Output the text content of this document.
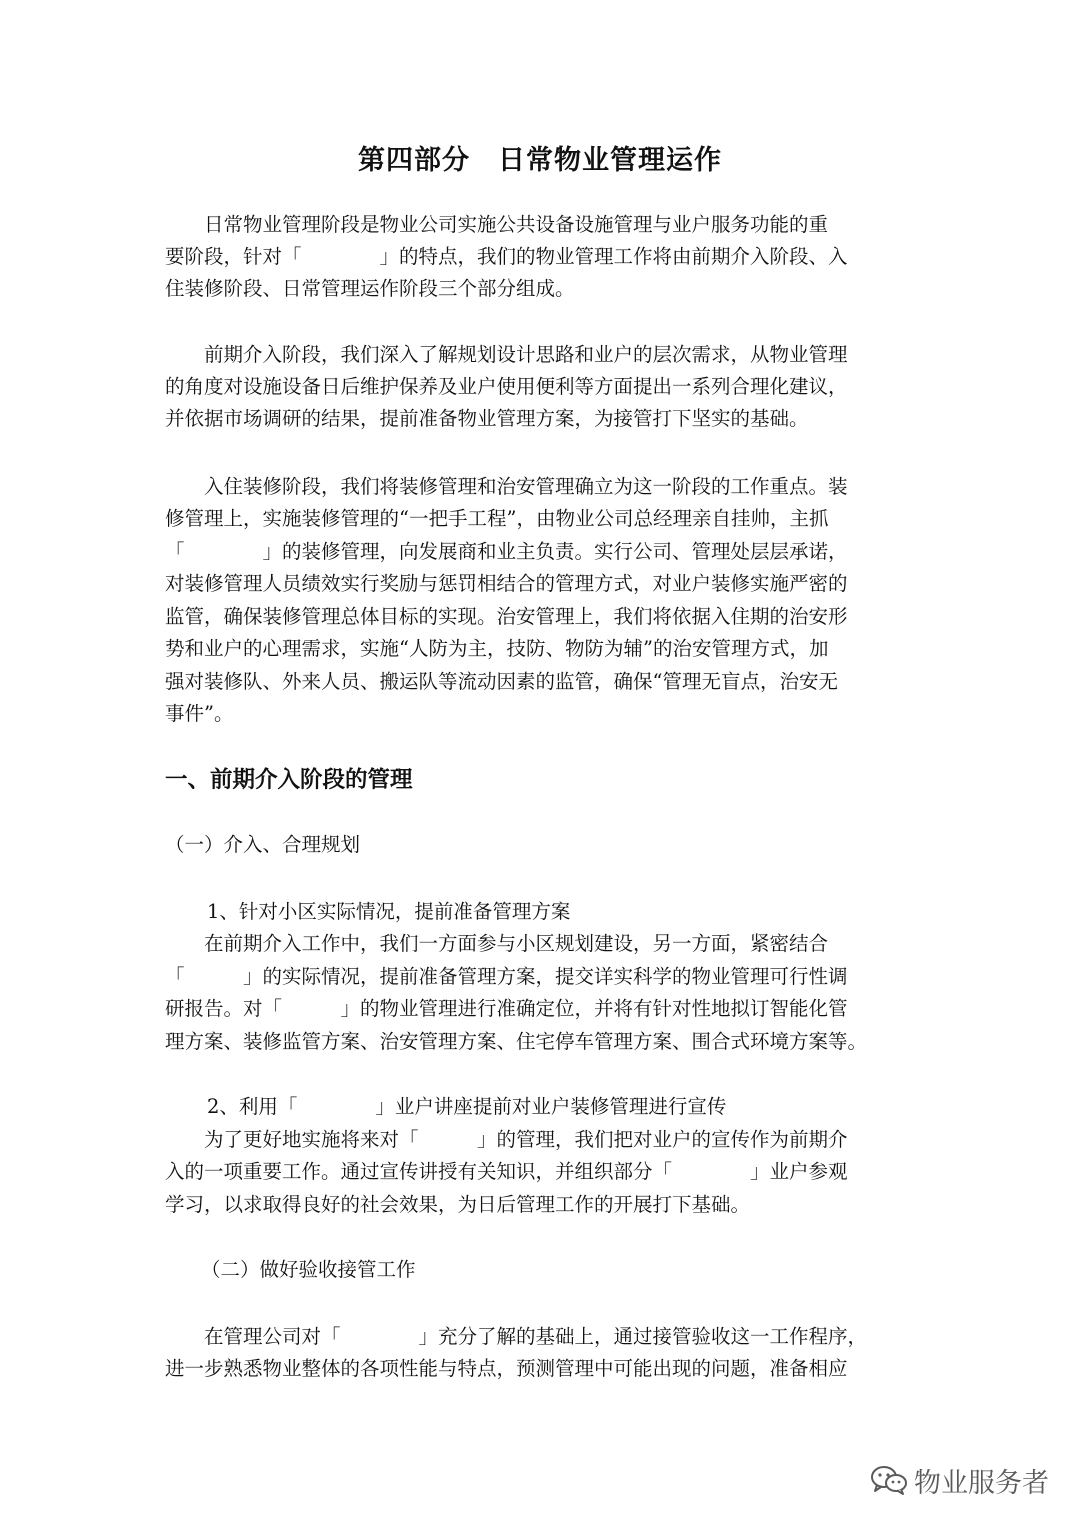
第四部分　日常物业管理运作
　　日常物业管理阶段是物业公司实施公共设备设施管理与业户服务功能的重
要阶段，针对「　　　　」的特点，我们的物业管理工作将由前期介入阶段、入
住装修阶段、日常管理运作阶段三个部分组成。
　　前期介入阶段，我们深入了解规划设计思路和业户的层次需求，从物业管理
的角度对设施设备日后维护保养及业户使用便利等方面提出一系列合理化建议，
并依据市场调研的结果，提前准备物业管理方案，为接管打下坚实的基础。
　　入住装修阶段，我们将装修管理和治安管理确立为这一阶段的工作重点。装
修管理上，实施装修管理的“一把手工程”，由物业公司总经理亲自挂帅，主抓
「　　　　」的装修管理，向发展商和业主负责。实行公司、管理处层层承诺，
对装修管理人员绩效实行奖励与惩罚相结合的管理方式，对业户装修实施严密的
监管，确保装修管理总体目标的实现。治安管理上，我们将依据入住期的治安形
势和业户的心理需求，实施“人防为主，技防、物防为辅”的治安管理方式，加
强对装修队、外来人员、搬运队等流动因素的监管，确保“管理无盲点，治安无
事件”。
一、前期介入阶段的管理
（一）介入、合理规划
1、针对小区实际情况，提前准备管理方案
　　在前期介入工作中，我们一方面参与小区规划建设，另一方面，紧密结合
「　　　」的实际情况，提前准备管理方案，提交详实科学的物业管理可行性调
研报告。对「　　　」的物业管理进行准确定位，并将有针对性地拟订智能化管
理方案、装修监管方案、治安管理方案、住宅停车管理方案、围合式环境方案等。
2、利用「　　　　」业户讲座提前对业户装修管理进行宣传
　　为了更好地实施将来对「　　　」的管理，我们把对业户的宣传作为前期介
入的一项重要工作。通过宣传讲授有关知识，并组织部分「　　　　」业户参观
学习，以求取得良好的社会效果，为日后管理工作的开展打下基础。
（二）做好验收接管工作
　　在管理公司对「　　　　」充分了解的基础上，通过接管验收这一工作程序，
进一步熟悉物业整体的各项性能与特点，预测管理中可能出现的问题，准备相应
物业服务者
